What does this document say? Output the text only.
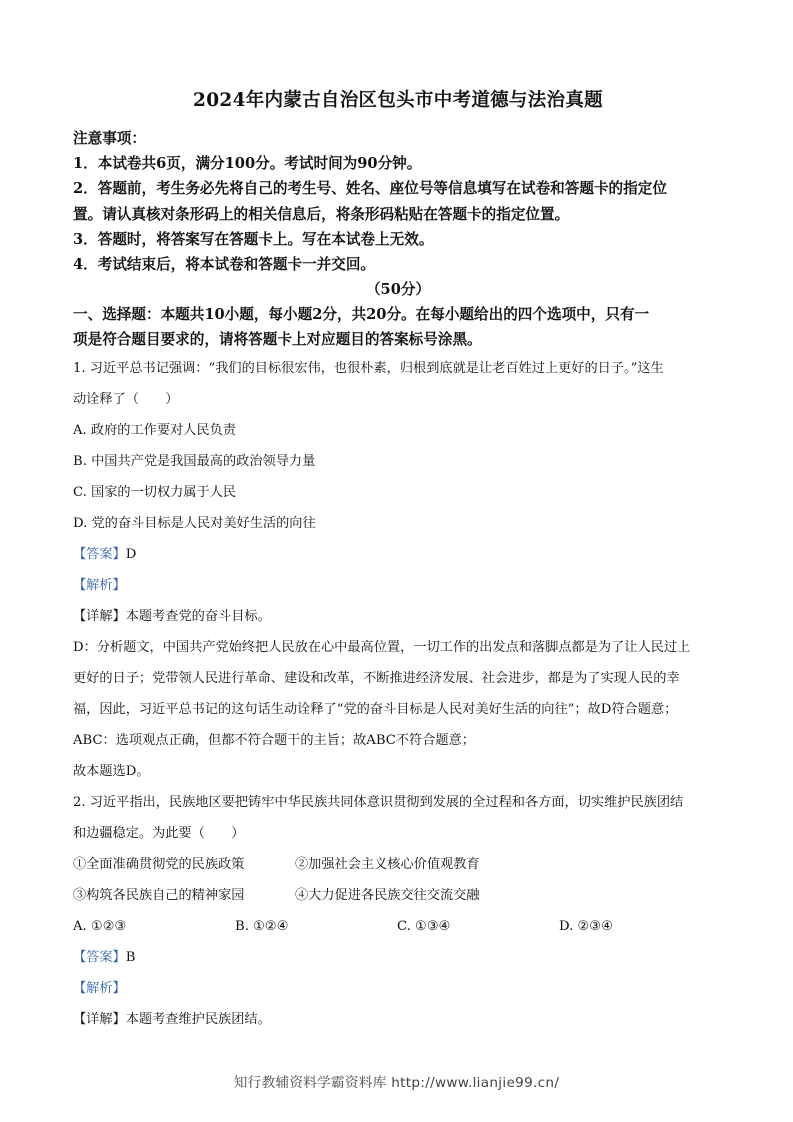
2024年内蒙古自治区包头市中考道德与法治真题
注意事项：
1．本试卷共6页，满分100分。考试时间为90分钟。
2．答题前，考生务必先将自己的考生号、姓名、座位号等信息填写在试卷和答题卡的指定位
置。请认真核对条形码上的相关信息后，将条形码粘贴在答题卡的指定位置。
3．答题时，将答案写在答题卡上。写在本试卷上无效。
4．考试结束后，将本试卷和答题卡一并交回。
（50分）
一、选择题：本题共10小题，每小题2分，共20分。在每小题给出的四个选项中，只有一
项是符合题目要求的，请将答题卡上对应题目的答案标号涂黑。
1. 习近平总书记强调：“我们的目标很宏伟，也很朴素，归根到底就是让老百姓过上更好的日子。”这生
动诠释了（　　）
A. 政府的工作要对人民负责
B. 中国共产党是我国最高的政治领导力量
C. 国家的一切权力属于人民
D. 党的奋斗目标是人民对美好生活的向往
【答案】D
【解析】
【详解】本题考查党的奋斗目标。
D：分析题文，中国共产党始终把人民放在心中最高位置，一切工作的出发点和落脚点都是为了让人民过上
更好的日子；党带领人民进行革命、建设和改革，不断推进经济发展、社会进步，都是为了实现人民的幸
福，因此，习近平总书记的这句话生动诠释了“党的奋斗目标是人民对美好生活的向往”；故D符合题意；
ABC：选项观点正确，但都不符合题干的主旨；故ABC不符合题意；
故本题选D。
2. 习近平指出，民族地区要把铸牢中华民族共同体意识贯彻到发展的全过程和各方面，切实维护民族团结
和边疆稳定。为此要（　　）
①全面准确贯彻党的民族政策	②加强社会主义核心价值观教育
③构筑各民族自己的精神家园	④大力促进各民族交往交流交融
A. ①②③	B. ①②④	C. ①③④	D. ②③④
【答案】B
【解析】
【详解】本题考查维护民族团结。
知行教辅资料学霸资料库 http://www.lianjie99.cn/
